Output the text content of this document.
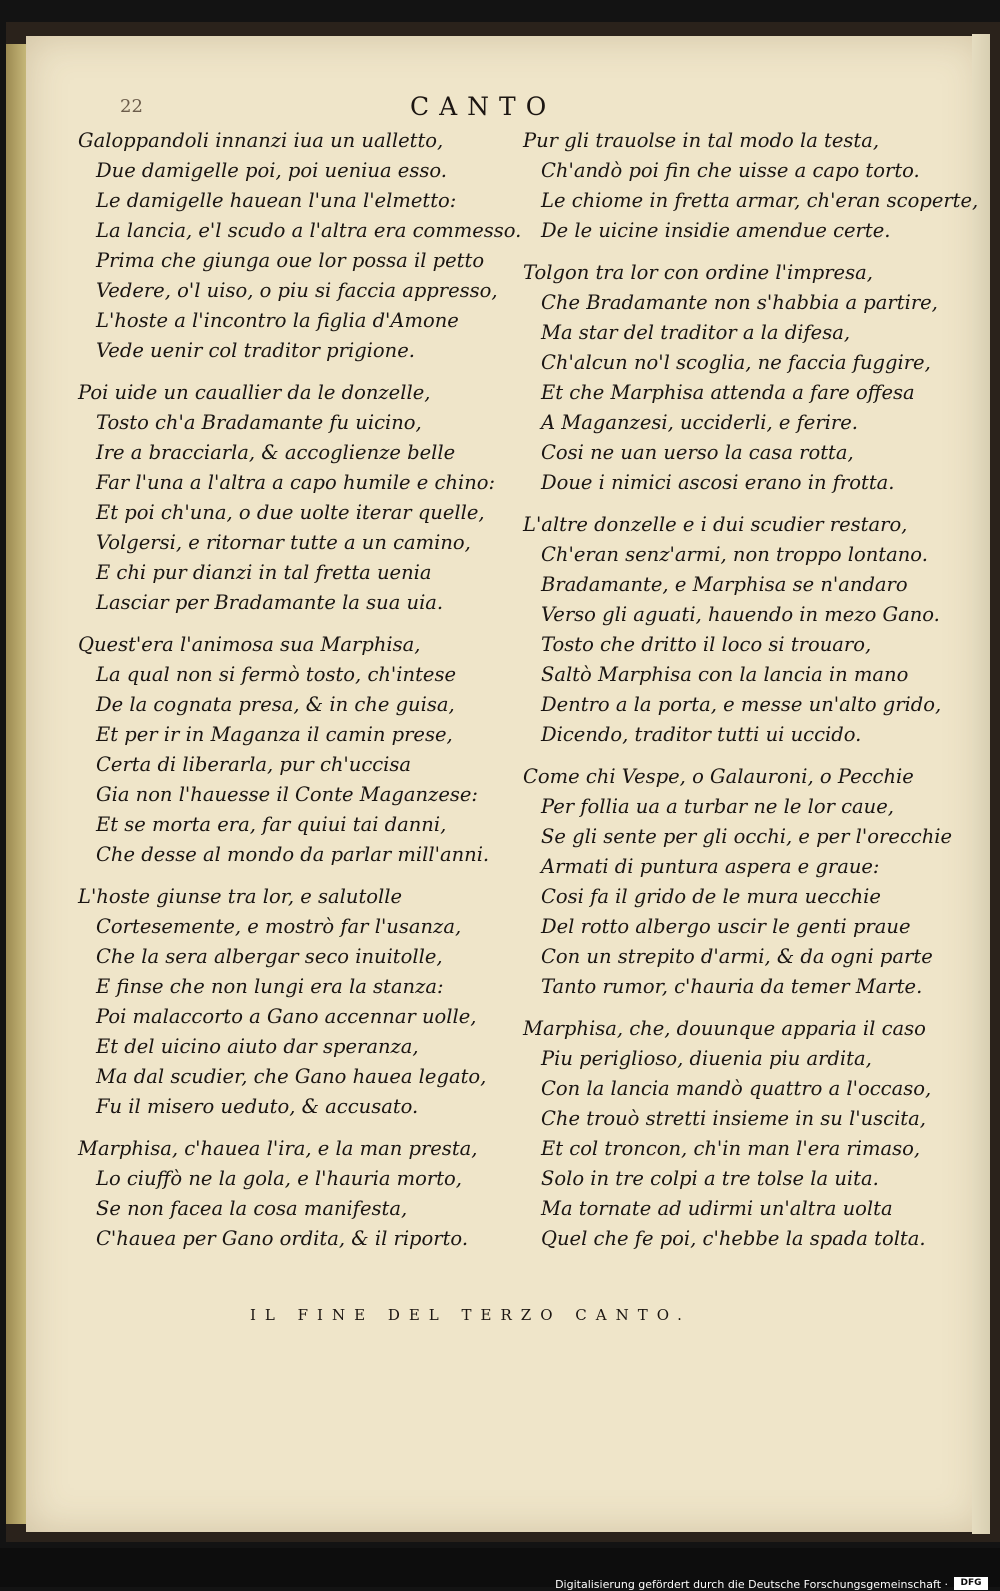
22	CANTO
Galoppandoli innanzi iua un ualletto,
Due damigelle poi, poi ueniua esso.
Le damigelle hauean l'una l'elmetto:
La lancia, e'l scudo a l'altra era commesso.
Prima che giunga oue lor possa il petto
Vedere, o'l uiso, o piu si faccia appresso,
L'hoste a l'incontro la figlia d'Amone
Vede uenir col traditor prigione.
Poi uide un cauallier da le donzelle,
Tosto ch'a Bradamante fu uicino,
Ire a bracciarla, & accoglienze belle
Far l'una a l'altra a capo humile e chino:
Et poi ch'una, o due uolte iterar quelle,
Volgersi, e ritornar tutte a un camino,
E chi pur dianzi in tal fretta uenia
Lasciar per Bradamante la sua uia.
Quest'era l'animosa sua Marphisa,
La qual non si fermò tosto, ch'intese
De la cognata presa, & in che guisa,
Et per ir in Maganza il camin prese,
Certa di liberarla, pur ch'uccisa
Gia non l'hauesse il Conte Maganzese:
Et se morta era, far quiui tai danni,
Che desse al mondo da parlar mill'anni.
L'hoste giunse tra lor, e salutolle
Cortesemente, e mostrò far l'usanza,
Che la sera albergar seco inuitolle,
E finse che non lungi era la stanza:
Poi malaccorto a Gano accennar uolle,
Et del uicino aiuto dar speranza,
Ma dal scudier, che Gano hauea legato,
Fu il misero ueduto, & accusato.
Marphisa, c'hauea l'ira, e la man presta,
Lo ciuffò ne la gola, e l'hauria morto,
Se non facea la cosa manifesta,
C'hauea per Gano ordita, & il riporto.
Pur gli trauolse in tal modo la testa,
Ch'andò poi fin che uisse a capo torto.
Le chiome in fretta armar, ch'eran scoperte,
De le uicine insidie amendue certe.
Tolgon tra lor con ordine l'impresa,
Che Bradamante non s'habbia a partire,
Ma star del traditor a la difesa,
Ch'alcun no'l scoglia, ne faccia fuggire,
Et che Marphisa attenda a fare offesa
A Maganzesi, ucciderli, e ferire.
Cosi ne uan uerso la casa rotta,
Doue i nimici ascosi erano in frotta.
L'altre donzelle e i dui scudier restaro,
Ch'eran senz'armi, non troppo lontano.
Bradamante, e Marphisa se n'andaro
Verso gli aguati, hauendo in mezo Gano.
Tosto che dritto il loco si trouaro,
Saltò Marphisa con la lancia in mano
Dentro a la porta, e messe un'alto grido,
Dicendo, traditor tutti ui uccido.
Come chi Vespe, o Galauroni, o Pecchie
Per follia ua a turbar ne le lor caue,
Se gli sente per gli occhi, e per l'orecchie
Armati di puntura aspera e graue:
Cosi fa il grido de le mura uecchie
Del rotto albergo uscir le genti praue
Con un strepito d'armi, & da ogni parte
Tanto rumor, c'hauria da temer Marte.
Marphisa, che, douunque apparia il caso
Piu periglioso, diuenia piu ardita,
Con la lancia mandò quattro a l'occaso,
Che trouò stretti insieme in su l'uscita,
Et col troncon, ch'in man l'era rimaso,
Solo in tre colpi a tre tolse la uita.
Ma tornate ad udirmi un'altra uolta
Quel che fe poi, c'hebbe la spada tolta.
IL FINE DEL TERZO CANTO.
Digitalisierung gefördert durch die Deutsche Forschungsgemeinschaft ·	DFG
